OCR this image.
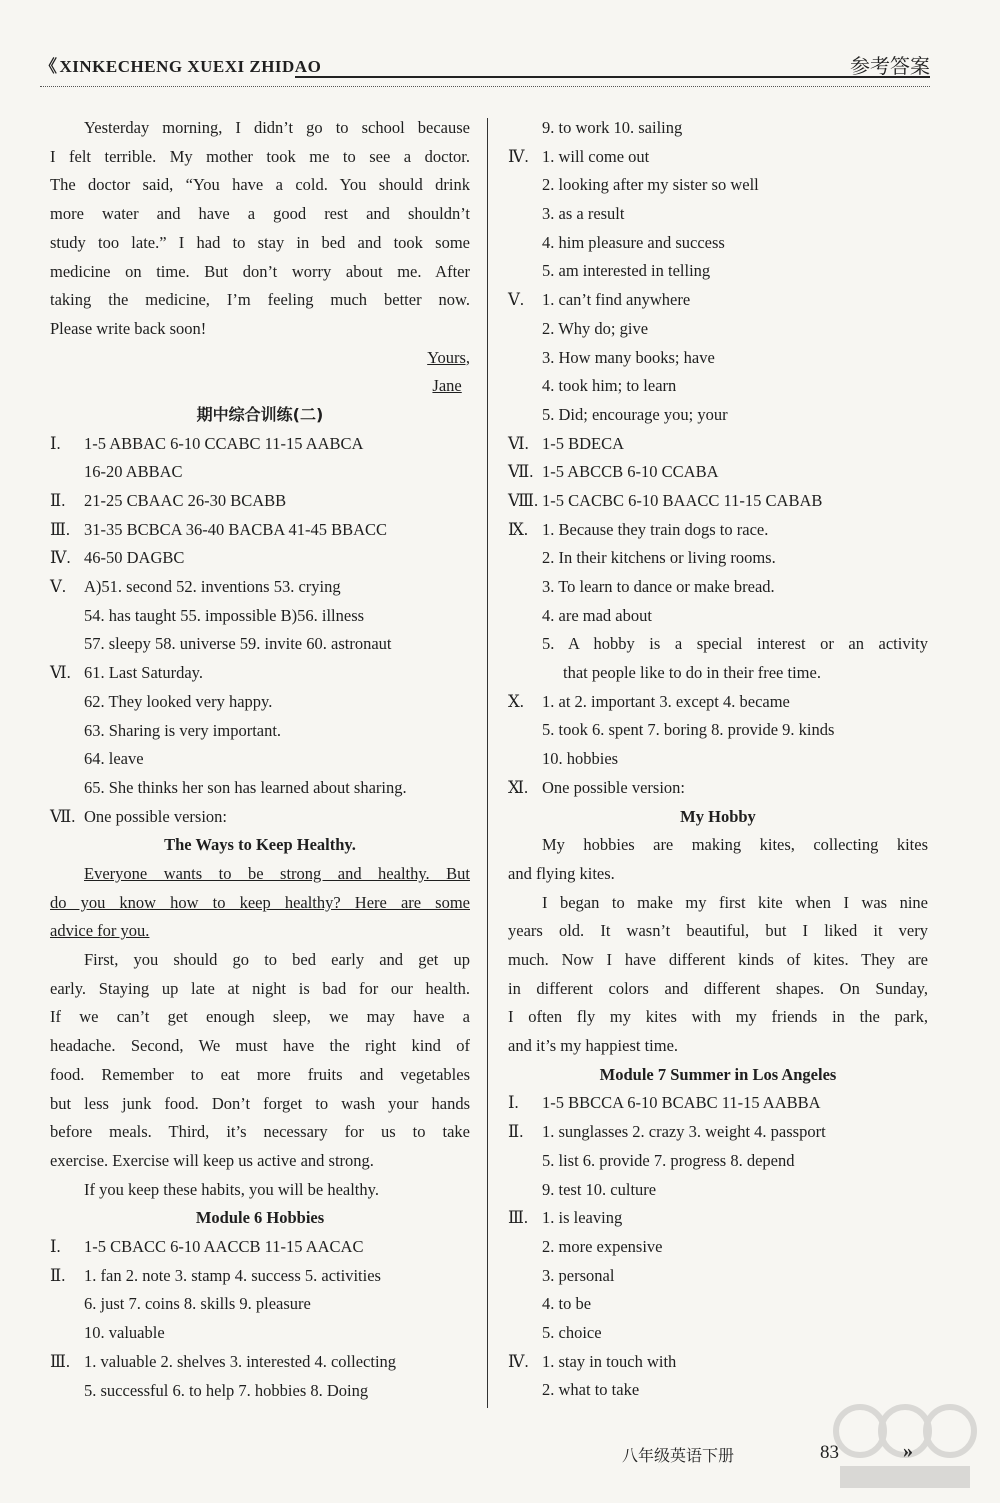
《 XINKECHENG XUEXI ZHIDAO	参考答案
Yesterday morning, I didn’t go to school because
I felt terrible. My mother took me to see a doctor.
The doctor said, “You have a cold. You should drink
more water and have a good rest and shouldn’t
study too late.” I had to stay in bed and took some
medicine on time. But don’t worry about me. After
taking the medicine, I’m feeling much better now.
Please write back soon!
Yours,
Jane
期中综合训练(二)
Ⅰ. 1-5 ABBAC 6-10 CCABC 11-15 AABCA
16-20 ABBAC
Ⅱ. 21-25 CBAAC 26-30 BCABB
Ⅲ. 31-35 BCBCA 36-40 BACBA 41-45 BBACC
Ⅳ. 46-50 DAGBC
Ⅴ. A)51. second 52. inventions 53. crying
54. has taught 55. impossible B)56. illness
57. sleepy 58. universe 59. invite 60. astronaut
Ⅵ. 61. Last Saturday.
62. They looked very happy.
63. Sharing is very important.
64. leave
65. She thinks her son has learned about sharing.
Ⅶ. One possible version:
The Ways to Keep Healthy.
Everyone wants to be strong and healthy. But
do you know how to keep healthy? Here are some
advice for you.
First, you should go to bed early and get up
early. Staying up late at night is bad for our health.
If we can’t get enough sleep, we may have a
headache. Second, We must have the right kind of
food. Remember to eat more fruits and vegetables
but less junk food. Don’t forget to wash your hands
before meals. Third, it’s necessary for us to take
exercise. Exercise will keep us active and strong.
If you keep these habits, you will be healthy.
Module 6 Hobbies
Ⅰ. 1-5 CBACC 6-10 AACCB 11-15 AACAC
Ⅱ. 1. fan 2. note 3. stamp 4. success 5. activities
6. just 7. coins 8. skills 9. pleasure
10. valuable
Ⅲ. 1. valuable 2. shelves 3. interested 4. collecting
5. successful 6. to help 7. hobbies 8. Doing
9. to work 10. sailing
Ⅳ. 1. will come out
2. looking after my sister so well
3. as a result
4. him pleasure and success
5. am interested in telling
Ⅴ. 1. can’t find anywhere
2. Why do; give
3. How many books; have
4. took him; to learn
5. Did; encourage you; your
Ⅵ. 1-5 BDECA
Ⅶ. 1-5 ABCCB 6-10 CCABA
Ⅷ. 1-5 CACBC 6-10 BAACC 11-15 CABAB
Ⅸ. 1. Because they train dogs to race.
2. In their kitchens or living rooms.
3. To learn to dance or make bread.
4. are mad about
5. A hobby is a special interest or an activity
that people like to do in their free time.
Ⅹ. 1. at 2. important 3. except 4. became
5. took 6. spent 7. boring 8. provide 9. kinds
10. hobbies
Ⅺ. One possible version:
My Hobby
My hobbies are making kites, collecting kites
and flying kites.
I began to make my first kite when I was nine
years old. It wasn’t beautiful, but I liked it very
much. Now I have different kinds of kites. They are
in different colors and different shapes. On Sunday,
I often fly my kites with my friends in the park,
and it’s my happiest time.
Module 7 Summer in Los Angeles
Ⅰ. 1-5 BBCCA 6-10 BCABC 11-15 AABBA
Ⅱ. 1. sunglasses 2. crazy 3. weight 4. passport
5. list 6. provide 7. progress 8. depend
9. test 10. culture
Ⅲ. 1. is leaving
2. more expensive
3. personal
4. to be
5. choice
Ⅳ. 1. stay in touch with
2. what to take
八年级英语下册	83	»
